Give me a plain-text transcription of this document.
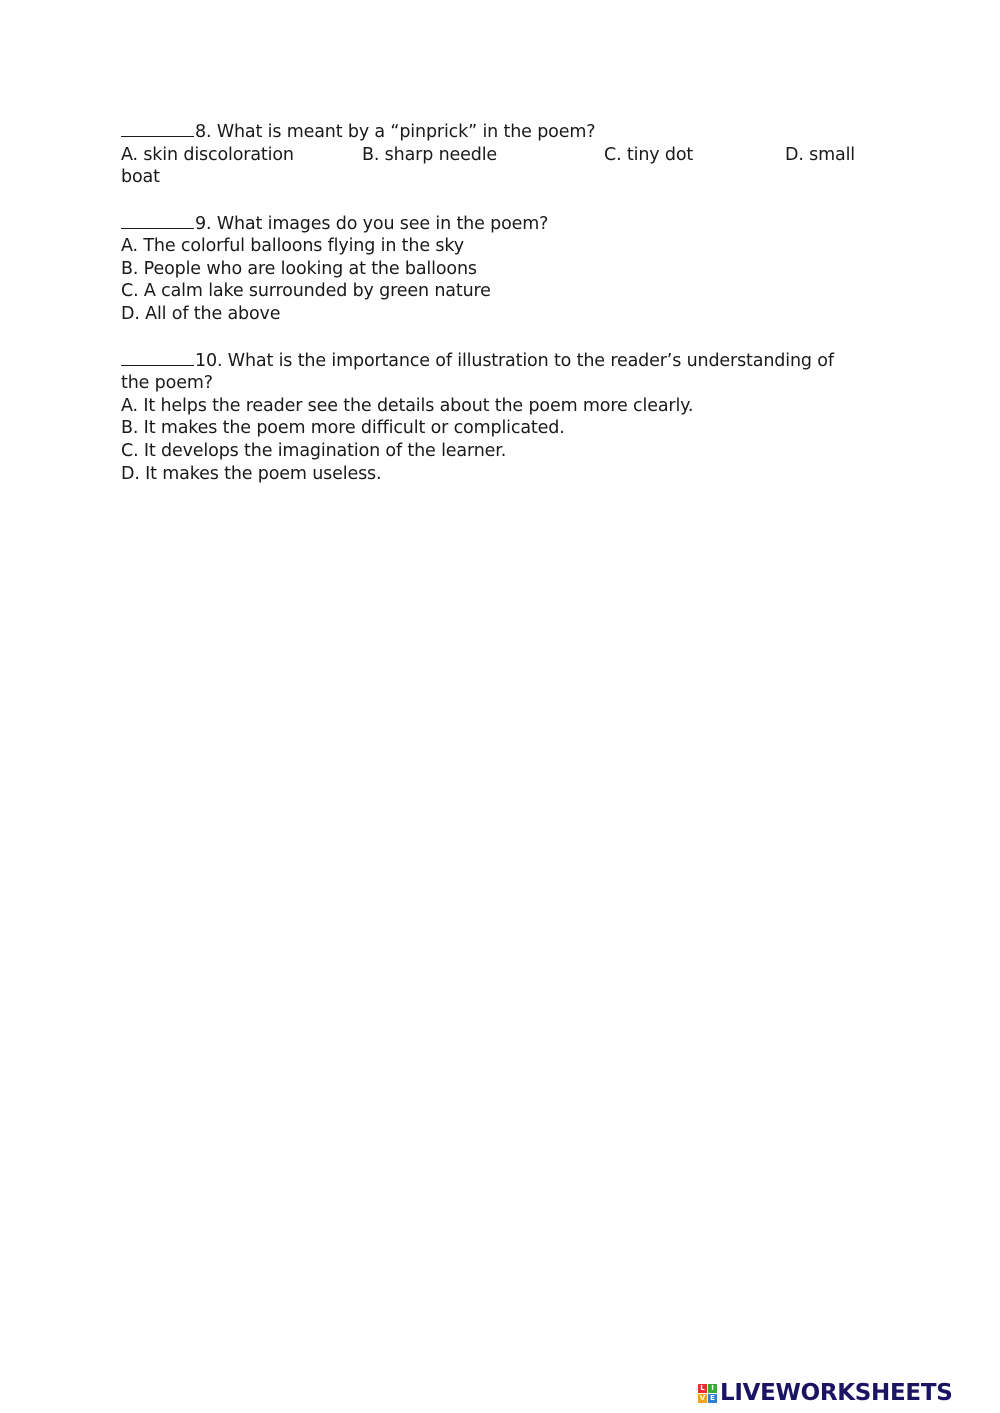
8. What is meant by a “pinprick” in the poem?
A. skin discoloration	B. sharp needle	C. tiny dot	D. small
boat
9. What images do you see in the poem?
A. The colorful balloons flying in the sky
B. People who are looking at the balloons
C. A calm lake surrounded by green nature
D. All of the above
10. What is the importance of illustration to the reader’s understanding of the poem?
A. It helps the reader see the details about the poem more clearly.
B. It makes the poem more difficult or complicated.
C. It develops the imagination of the learner.
D. It makes the poem useless.
L I
V E LIVEWORKSHEETS
